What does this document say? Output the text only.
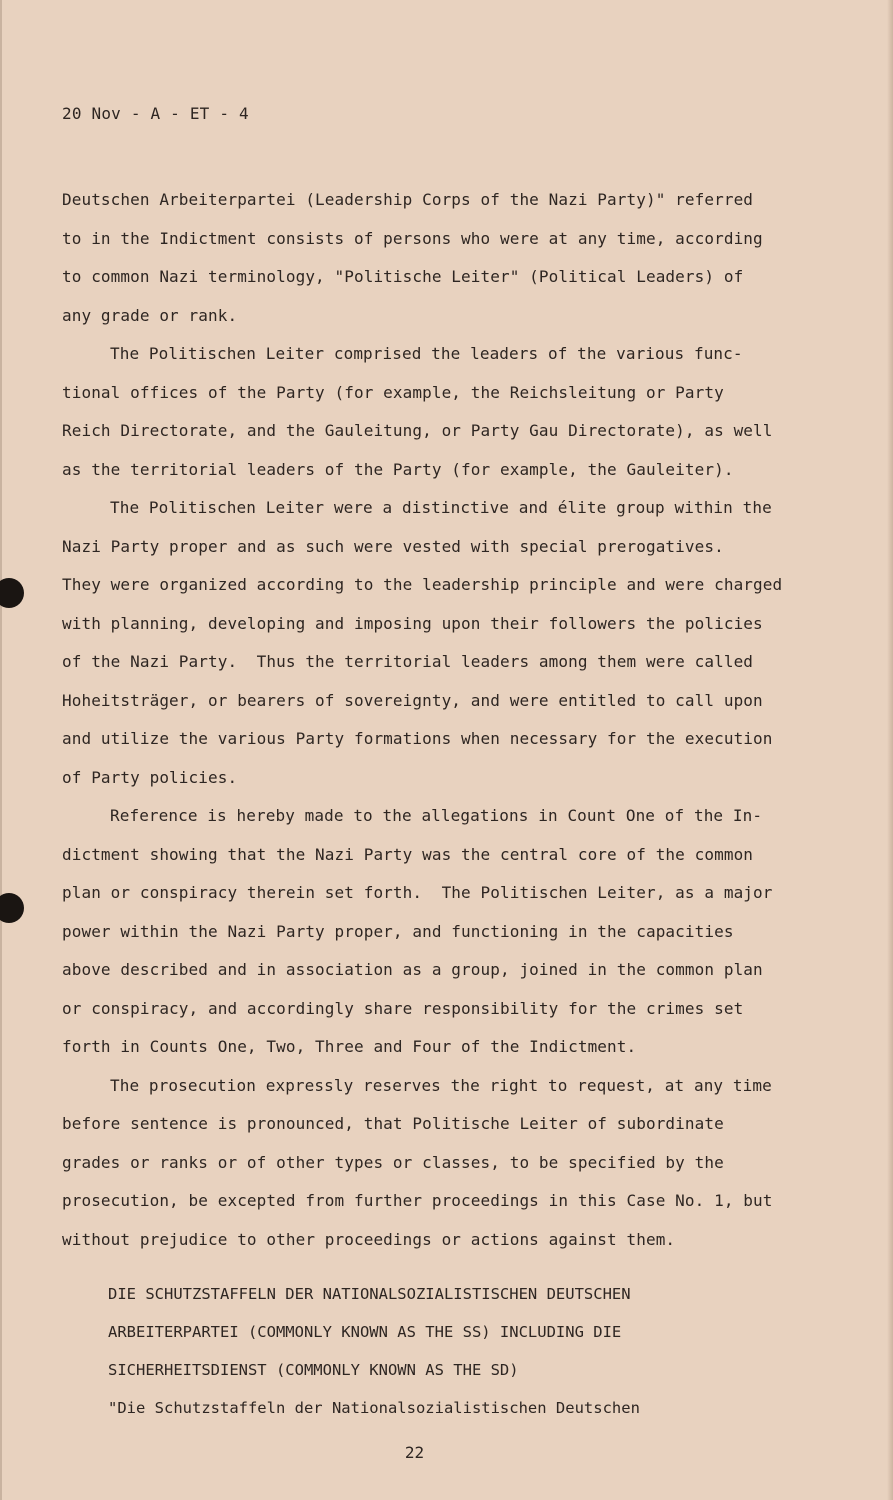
20 Nov - A - ET - 4
Deutschen Arbeiterpartei (Leadership Corps of the Nazi Party)" referred
to in the Indictment consists of persons who were at any time, according
to common Nazi terminology, "Politische Leiter" (Political Leaders) of
any grade or rank.
The Politischen Leiter comprised the leaders of the various func-
tional offices of the Party (for example, the Reichsleitung or Party
Reich Directorate, and the Gauleitung, or Party Gau Directorate), as well
as the territorial leaders of the Party (for example, the Gauleiter).
The Politischen Leiter were a distinctive and élite group within the
Nazi Party proper and as such were vested with special prerogatives.
They were organized according to the leadership principle and were charged
with planning, developing and imposing upon their followers the policies
of the Nazi Party.  Thus the territorial leaders among them were called
Hoheitsträger, or bearers of sovereignty, and were entitled to call upon
and utilize the various Party formations when necessary for the execution
of Party policies.
Reference is hereby made to the allegations in Count One of the In-
dictment showing that the Nazi Party was the central core of the common
plan or conspiracy therein set forth.  The Politischen Leiter, as a major
power within the Nazi Party proper, and functioning in the capacities
above described and in association as a group, joined in the common plan
or conspiracy, and accordingly share responsibility for the crimes set
forth in Counts One, Two, Three and Four of the Indictment.
The prosecution expressly reserves the right to request, at any time
before sentence is pronounced, that Politische Leiter of subordinate
grades or ranks or of other types or classes, to be specified by the
prosecution, be excepted from further proceedings in this Case No. 1, but
without prejudice to other proceedings or actions against them.
DIE SCHUTZSTAFFELN DER NATIONALSOZIALISTISCHEN DEUTSCHEN
ARBEITERPARTEI (COMMONLY KNOWN AS THE SS) INCLUDING DIE
SICHERHEITSDIENST (COMMONLY KNOWN AS THE SD)
"Die Schutzstaffeln der Nationalsozialistischen Deutschen
22
